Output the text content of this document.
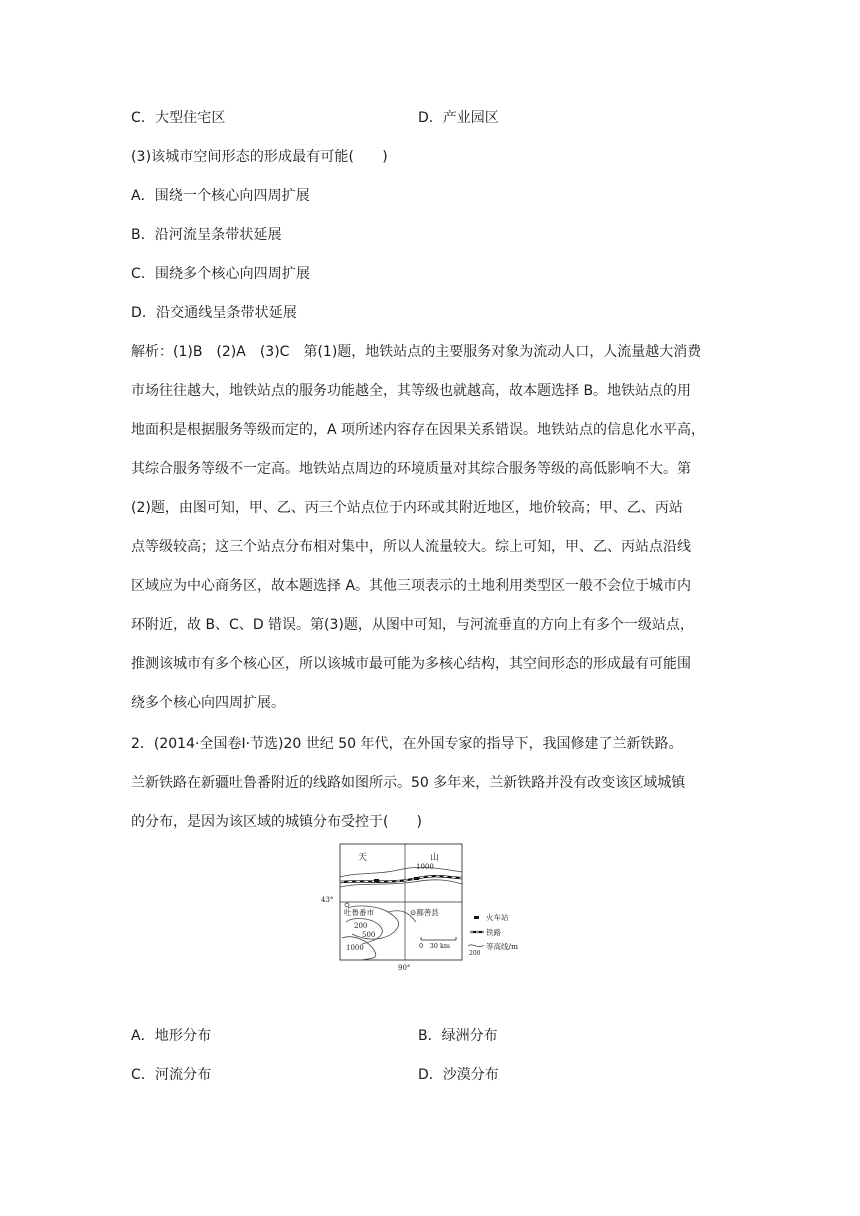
C．大型住宅区	D．产业园区
(3)该城市空间形态的形成最有可能(　　)
A．围绕一个核心向四周扩展
B．沿河流呈条带状延展
C．围绕多个核心向四周扩展
D．沿交通线呈条带状延展
解析：(1)B　(2)A　(3)C　第(1)题，地铁站点的主要服务对象为流动人口，人流量越大消费
市场往往越大，地铁站点的服务功能越全，其等级也就越高，故本题选择 B。地铁站点的用
地面积是根据服务等级而定的，A 项所述内容存在因果关系错误。地铁站点的信息化水平高，
其综合服务等级不一定高。地铁站点周边的环境质量对其综合服务等级的高低影响不大。第
(2)题，由图可知，甲、乙、丙三个站点位于内环或其附近地区，地价较高；甲、乙、丙站
点等级较高；这三个站点分布相对集中，所以人流量较大。综上可知，甲、乙、丙站点沿线
区域应为中心商务区，故本题选择 A。其他三项表示的土地利用类型区一般不会位于城市内
环附近，故 B、C、D 错误。第(3)题，从图中可知，与河流垂直的方向上有多个一级站点，
推测该城市有多个核心区，所以该城市最可能为多核心结构，其空间形态的形成最有可能围
绕多个核心向四周扩展。
2．(2014·全国卷Ⅰ·节选)20 世纪 50 年代，在外国专家的指导下，我国修建了兰新铁路。
兰新铁路在新疆吐鲁番附近的线路如图所示。50 多年来，兰新铁路并没有改变该区域城镇
的分布，是因为该区域的城镇分布受控于(　　)
天	山
1000
43°
吐鲁番市	⊙鄯善县
200
500
1000	0　30 km
90°
火车站
铁路
200
等高线/m
A．地形分布	B．绿洲分布
C．河流分布	D．沙漠分布
